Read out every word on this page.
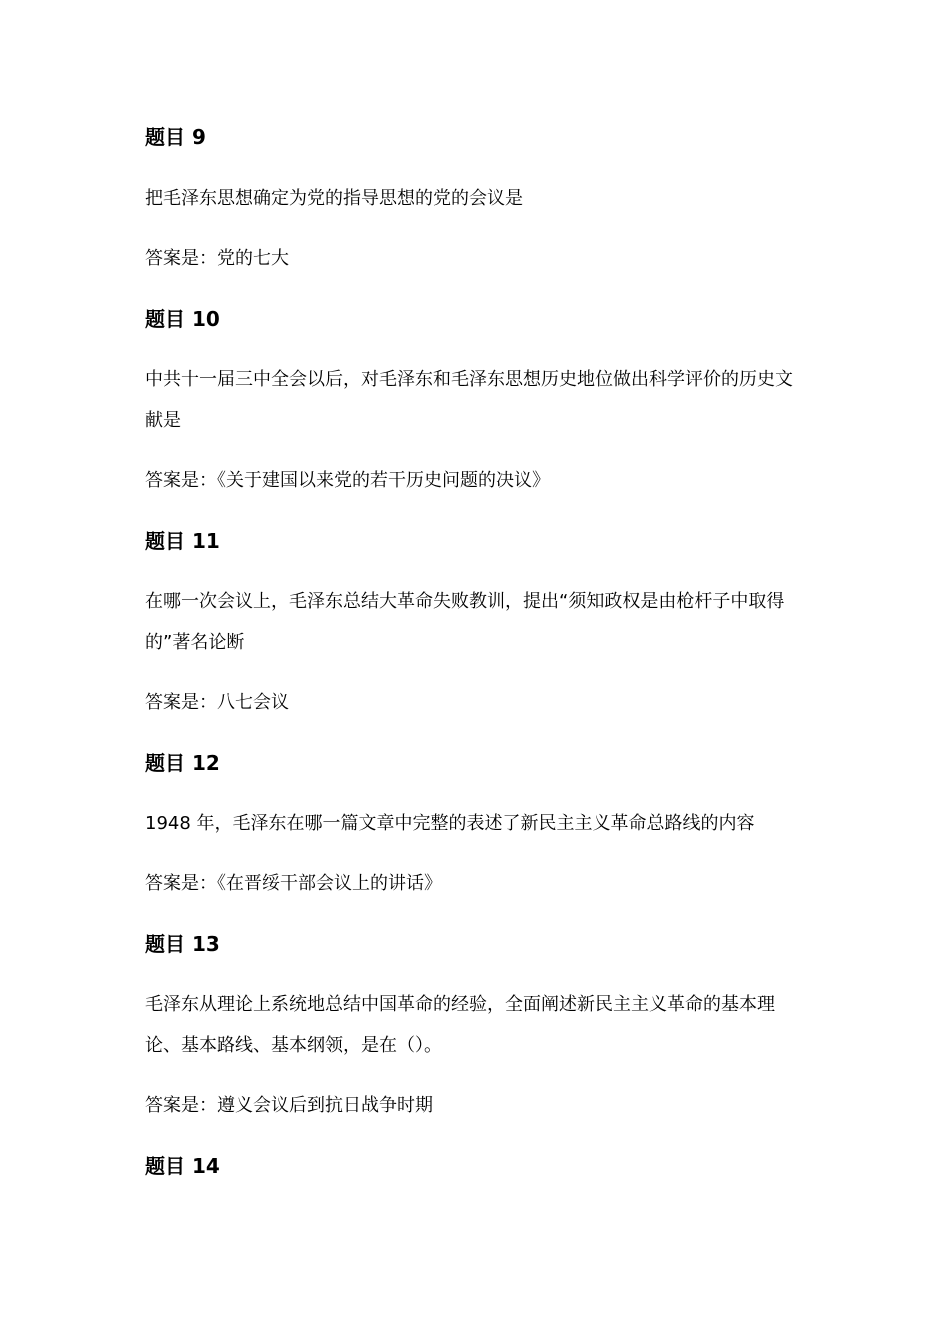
题目 9

把毛泽东思想确定为党的指导思想的党的会议是

答案是：党的七大

题目 10

中共十一届三中全会以后，对毛泽东和毛泽东思想历史地位做出科学评价的历史文献是

答案是：《关于建国以来党的若干历史问题的决议》

题目 11

在哪一次会议上，毛泽东总结大革命失败教训，提出“须知政权是由枪杆子中取得的”著名论断

答案是：八七会议

题目 12

1948 年，毛泽东在哪一篇文章中完整的表述了新民主主义革命总路线的内容

答案是：《在晋绥干部会议上的讲话》

题目 13

毛泽东从理论上系统地总结中国革命的经验，全面阐述新民主主义革命的基本理论、基本路线、基本纲领，是在（）。

答案是：遵义会议后到抗日战争时期

题目 14
